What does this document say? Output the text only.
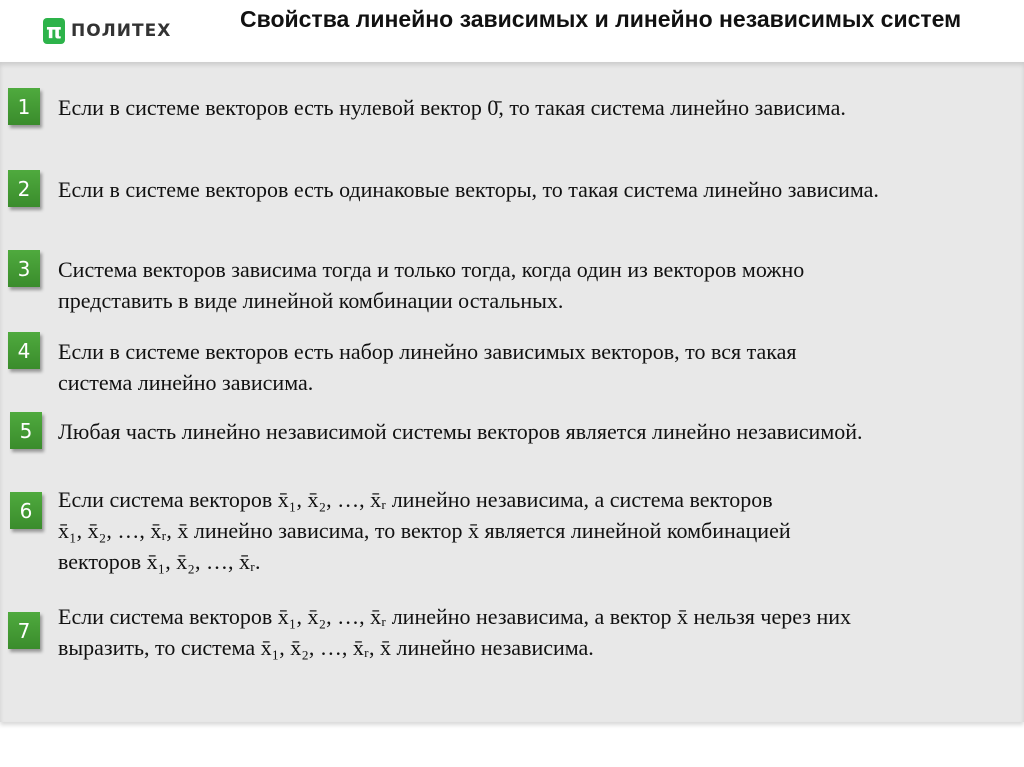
π ПОЛИТЕХ	Свойства линейно зависимых и линейно независимых систем
1	Если в системе векторов есть нулевой вектор 0̄, то такая система линейно зависима.
2	Если в системе векторов есть одинаковые векторы, то такая система линейно зависима.
3	Система векторов зависима тогда и только тогда, когда один из векторов можно
представить в виде линейной комбинации остальных.
4	Если в системе векторов есть набор линейно зависимых векторов, то вся такая
система линейно зависима.
5	Любая часть линейно независимой системы векторов является линейно независимой.
6	Если система векторов x̄₁, x̄₂, …, x̄ᵣ линейно независима, а система векторов
x̄₁, x̄₂, …, x̄ᵣ, x̄ линейно зависима, то вектор x̄ является линейной комбинацией
векторов x̄₁, x̄₂, …, x̄ᵣ.
7
Если система векторов x̄₁, x̄₂, …, x̄ᵣ линейно независима, а вектор x̄ нельзя через них
выразить, то система x̄₁, x̄₂, …, x̄ᵣ, x̄ линейно независима.
